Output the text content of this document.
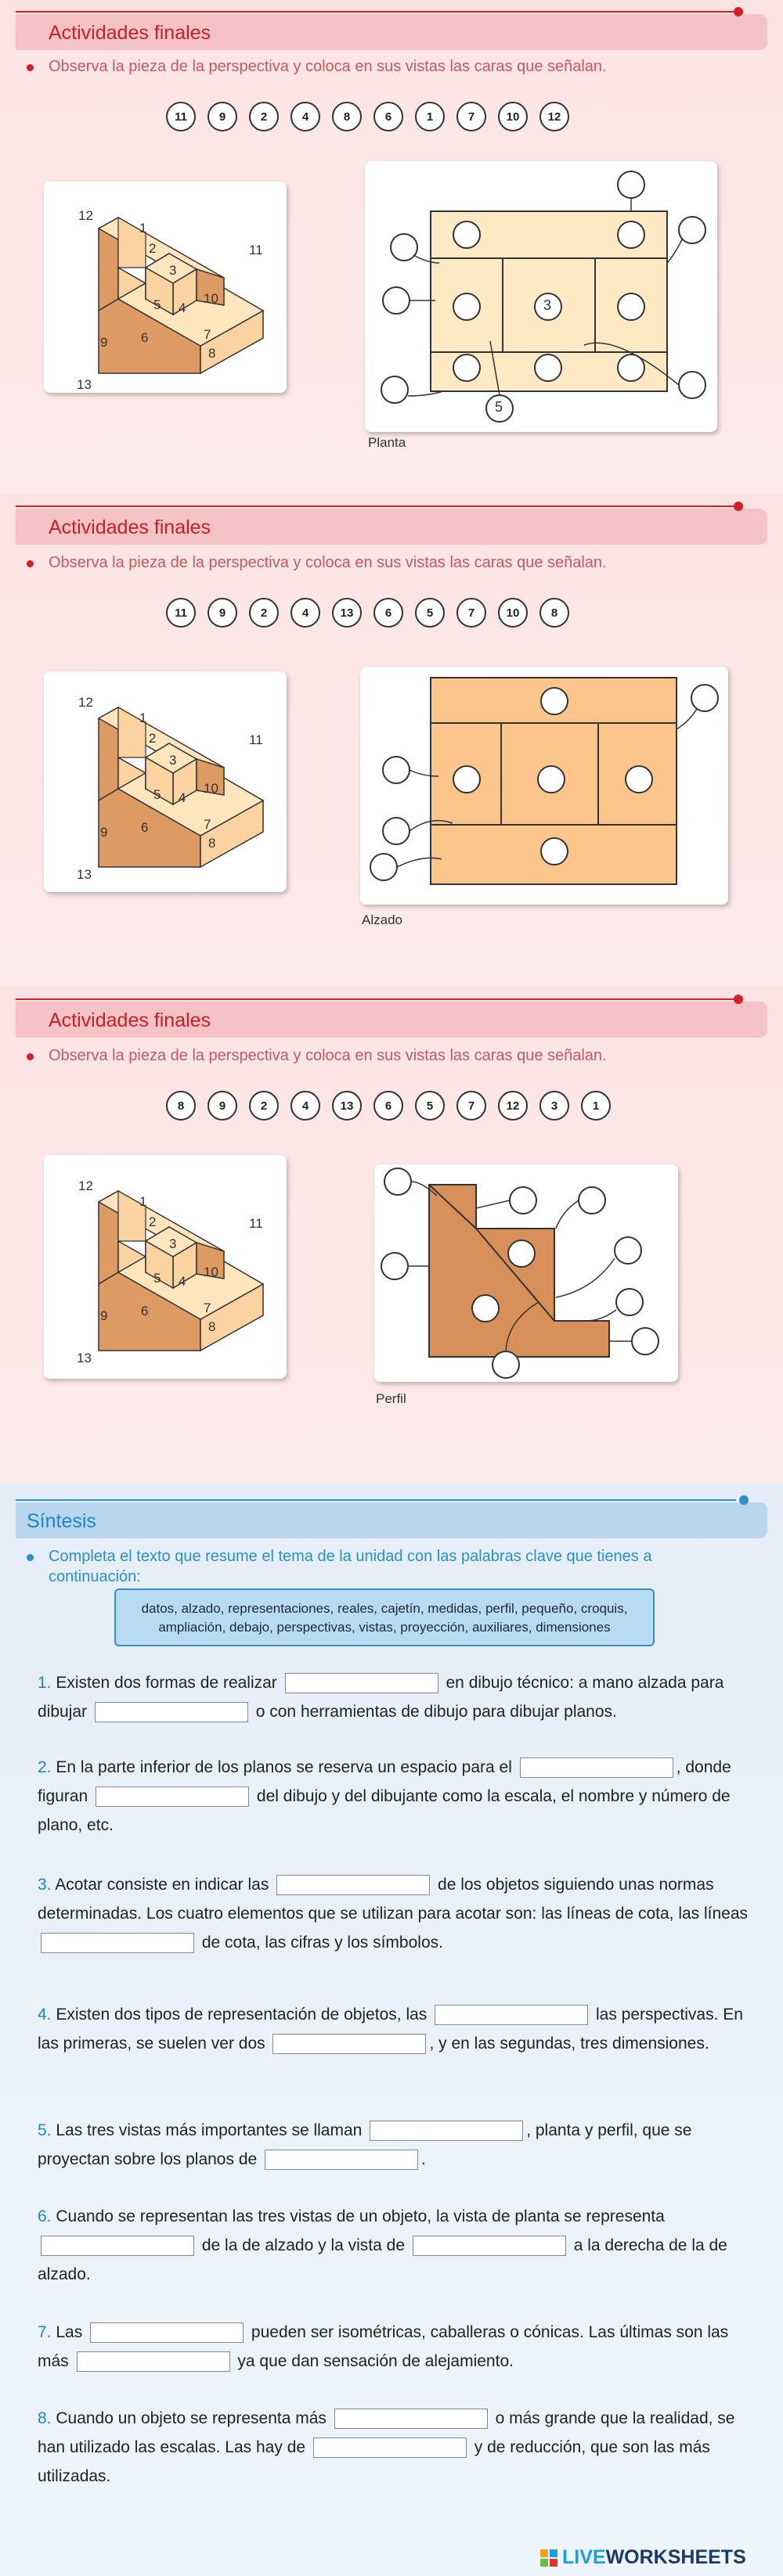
Actividades finales
Observa la pieza de la perspectiva y coloca en sus vistas las caras que señalan.
11	9	2	4	8	6	1	7	10	12
12
1
2
3
11
5 4
10
9	6	7
8
13
3
5
Planta
Actividades finales
Observa la pieza de la perspectiva y coloca en sus vistas las caras que señalan.
11	9	2	4	13	6	5	7	10	8
12
1
2
3
11
5 4
10
9	6	7
8
13
Alzado
Actividades finales
Observa la pieza de la perspectiva y coloca en sus vistas las caras que señalan.
8	9	2	4	13	6	5	7	12	3	1
12
1
2
3
11
5 4
10
9	6	7
8
13
Perfil
Síntesis
Completa el texto que resume el tema de la unidad con las palabras clave que tienes a continuación:
datos, alzado, representaciones, reales, cajetín, medidas, perfil, pequeño, croquis,
ampliación, debajo, perspectivas, vistas, proyección, auxiliares, dimensiones
1. Existen dos formas de realizar	en dibujo técnico: a mano alzada para dibujar	o con herramientas de dibujo para dibujar planos.
2. En la parte inferior de los planos se reserva un espacio para el	, donde figuran	del dibujo y del dibujante como la escala, el nombre y número de plano, etc.
3. Acotar consiste en indicar las	de los objetos siguiendo unas normas determinadas. Los cuatro elementos que se utilizan para acotar son: las líneas de cota, las líneas  de cota, las cifras y los símbolos.
4. Existen dos tipos de representación de objetos, las	las perspectivas. En las primeras, se suelen ver dos	, y en las segundas, tres dimensiones.
5. Las tres vistas más importantes se llaman	, planta y perfil, que se proyectan sobre los planos de	.
6. Cuando se representan las tres vistas de un objeto, la vista de planta se representa  de la de alzado y la vista de	a la derecha de la de alzado.
7. Las	pueden ser isométricas, caballeras o cónicas. Las últimas son las más	ya que dan sensación de alejamiento.
8. Cuando un objeto se representa más	o más grande que la realidad, se han utilizado las escalas. Las hay de	y de reducción, que son las más utilizadas.
LIVEWORKSHEETS
